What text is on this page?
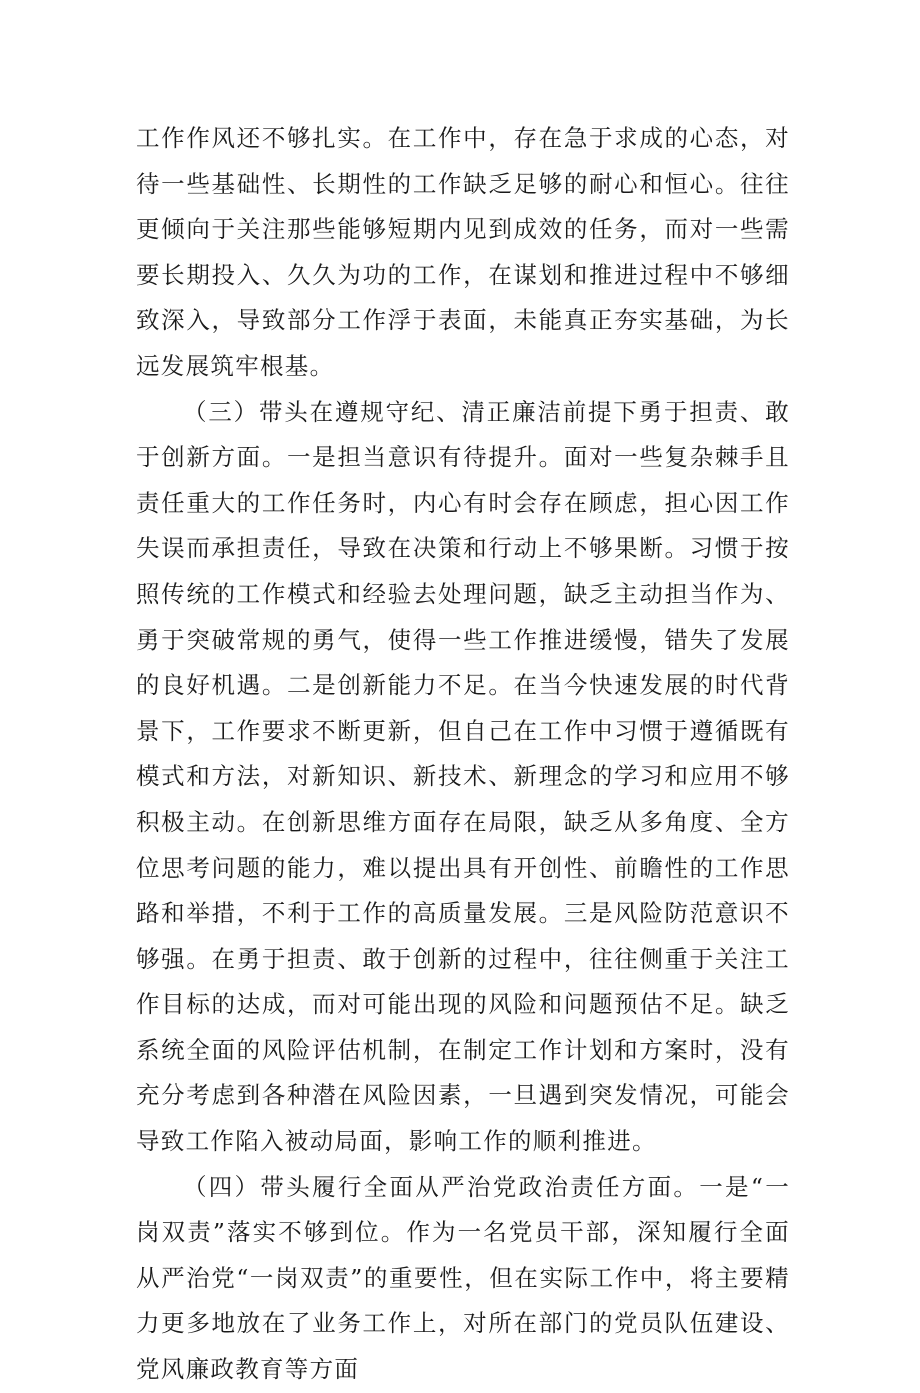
工作作风还不够扎实。在工作中，存在急于求成的心态，对待一些基础性、长期性的工作缺乏足够的耐心和恒心。往往更倾向于关注那些能够短期内见到成效的任务，而对一些需要长期投入、久久为功的工作，在谋划和推进过程中不够细致深入，导致部分工作浮于表面，未能真正夯实基础，为长远发展筑牢根基。

（三）带头在遵规守纪、清正廉洁前提下勇于担责、敢于创新方面。一是担当意识有待提升。面对一些复杂棘手且责任重大的工作任务时，内心有时会存在顾虑，担心因工作失误而承担责任，导致在决策和行动上不够果断。习惯于按照传统的工作模式和经验去处理问题，缺乏主动担当作为、勇于突破常规的勇气，使得一些工作推进缓慢，错失了发展的良好机遇。二是创新能力不足。在当今快速发展的时代背景下，工作要求不断更新，但自己在工作中习惯于遵循既有模式和方法，对新知识、新技术、新理念的学习和应用不够积极主动。在创新思维方面存在局限，缺乏从多角度、全方位思考问题的能力，难以提出具有开创性、前瞻性的工作思路和举措，不利于工作的高质量发展。三是风险防范意识不够强。在勇于担责、敢于创新的过程中，往往侧重于关注工作目标的达成，而对可能出现的风险和问题预估不足。缺乏系统全面的风险评估机制，在制定工作计划和方案时，没有充分考虑到各种潜在风险因素，一旦遇到突发情况，可能会导致工作陷入被动局面，影响工作的顺利推进。

（四）带头履行全面从严治党政治责任方面。一是“一岗双责”落实不够到位。作为一名党员干部，深知履行全面从严治党“一岗双责”的重要性，但在实际工作中，将主要精力更多地放在了业务工作上，对所在部门的党员队伍建设、党风廉政教育等方面
